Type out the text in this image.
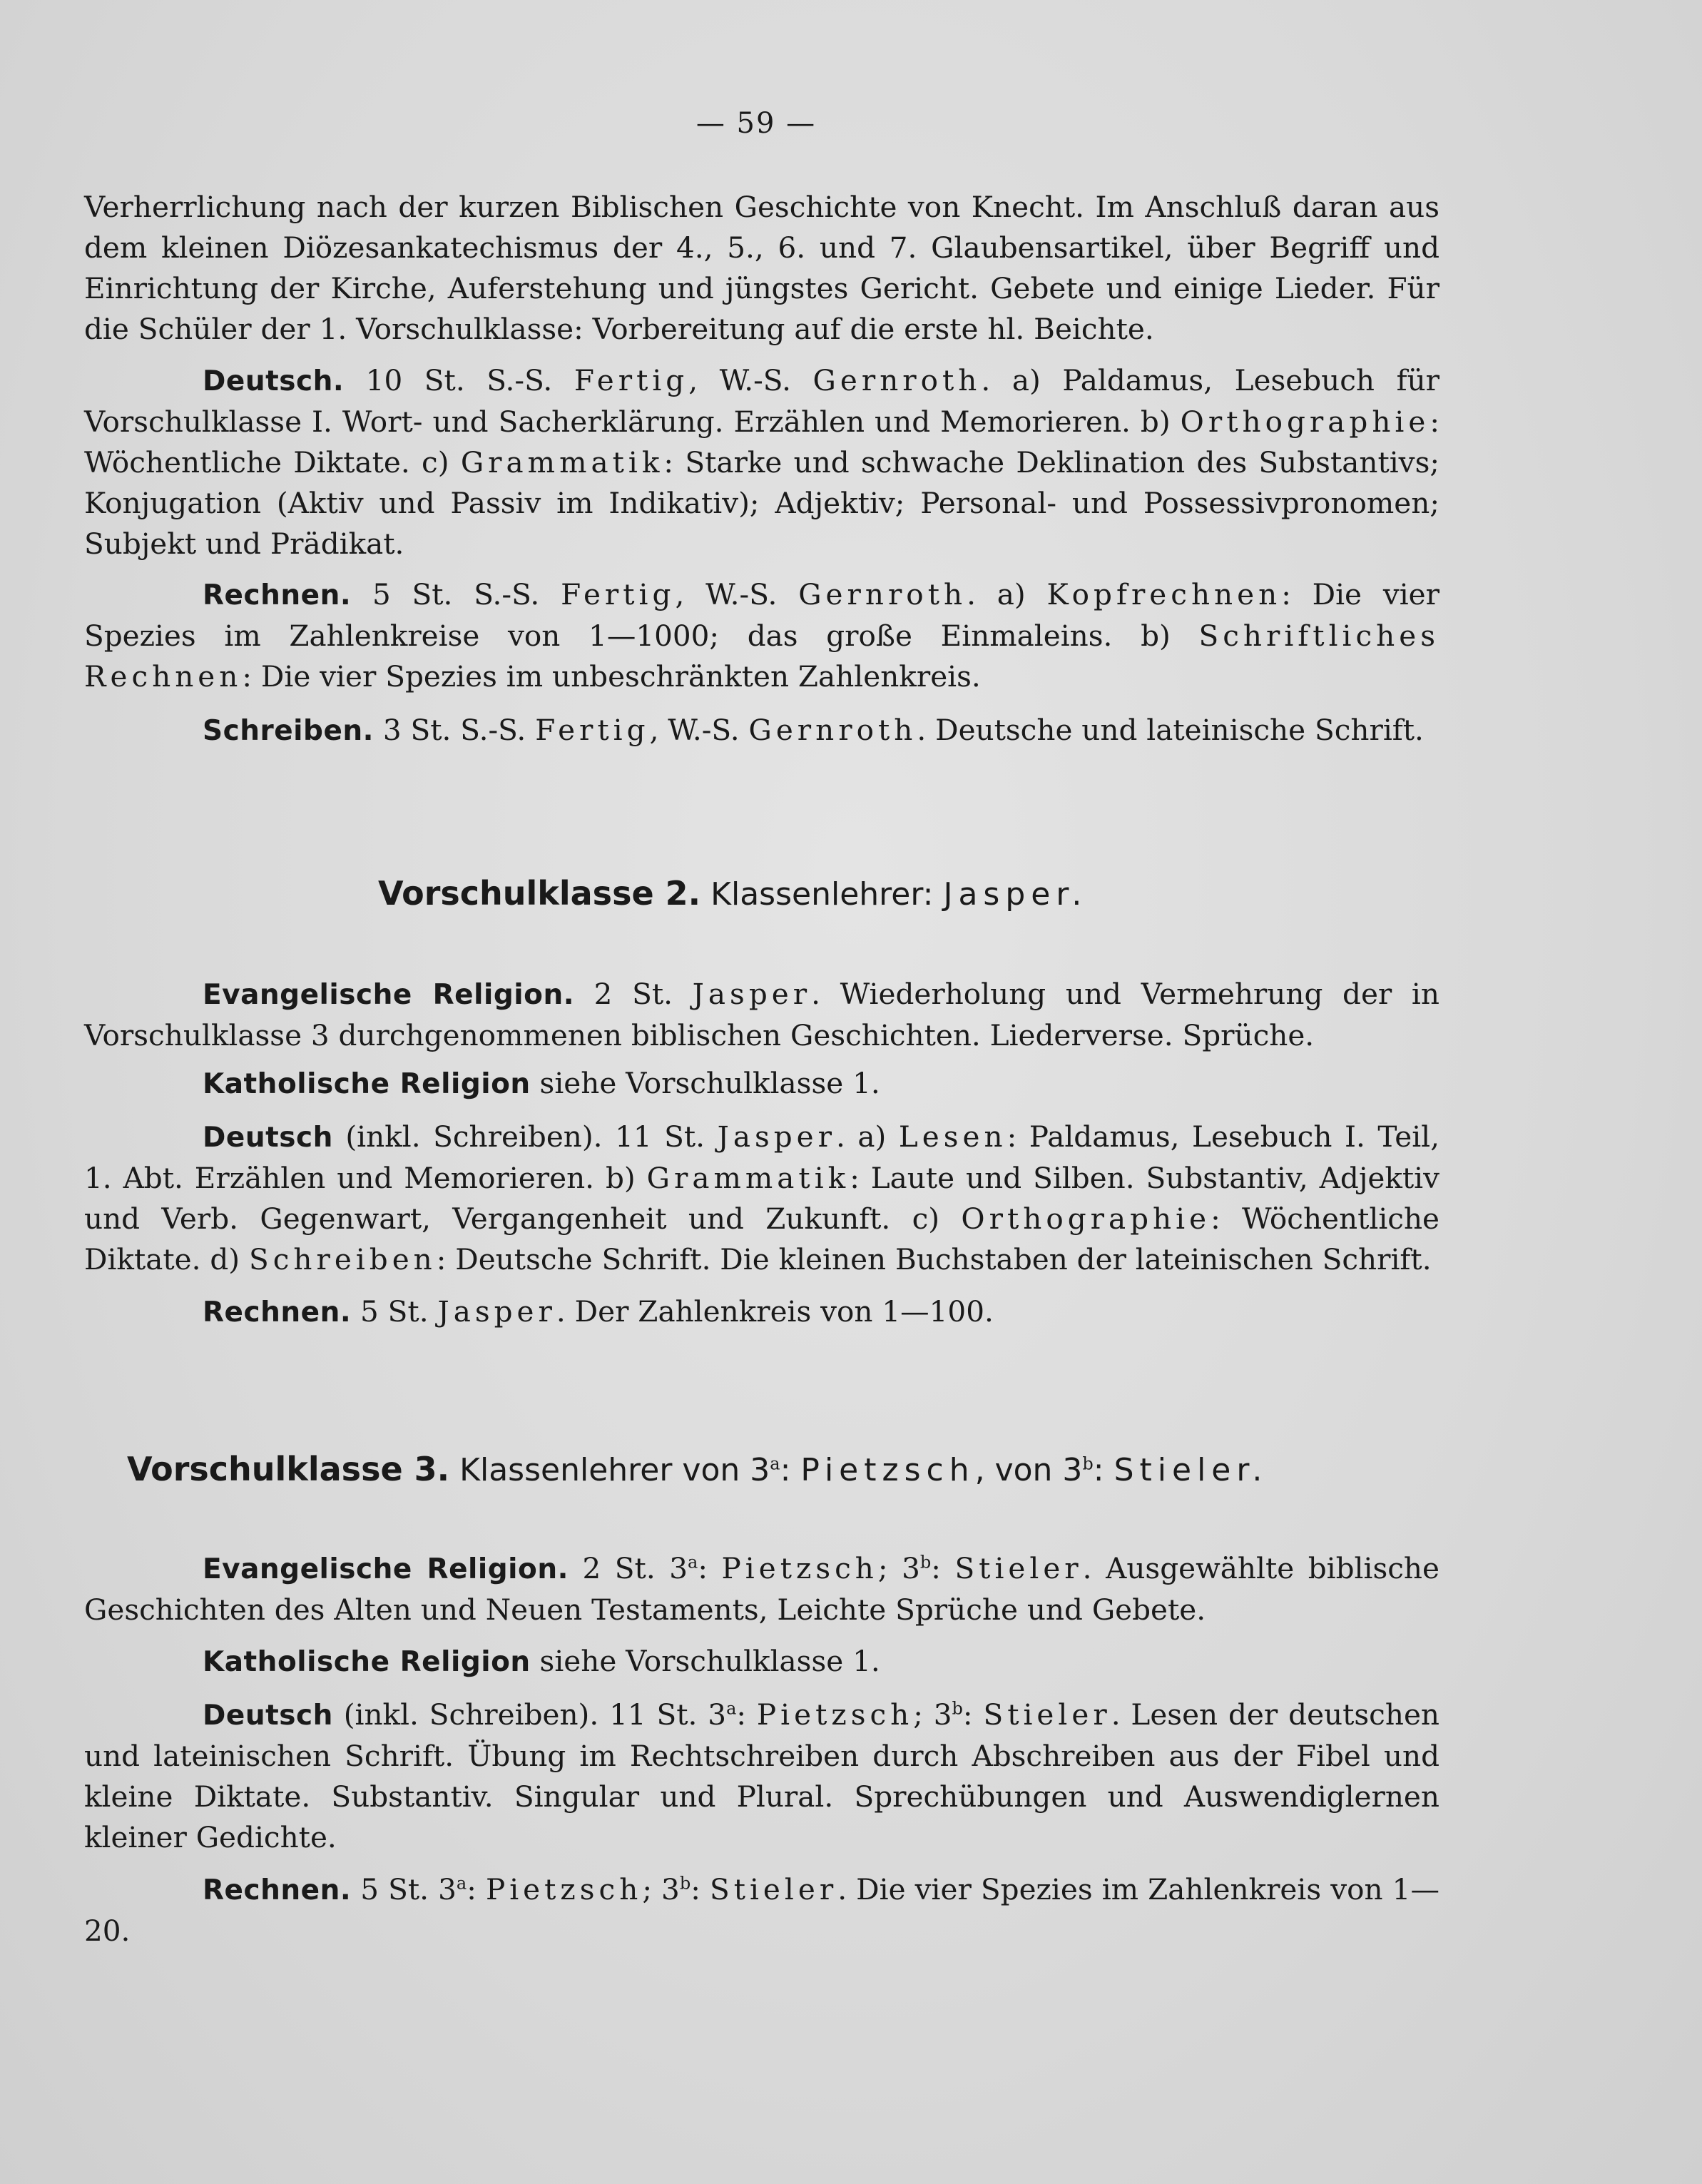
— 59 —
Verherrlichung nach der kurzen Biblischen Geschichte von Knecht. Im Anschluß daran aus dem kleinen Diözesankatechismus der 4., 5., 6. und 7. Glaubensartikel, über Begriff und Einrichtung der Kirche, Auferstehung und jüngstes Gericht. Gebete und einige Lieder. Für die Schüler der 1. Vorschulklasse: Vorbereitung auf die erste hl. Beichte.
Deutsch. 10 St. S.-S. Fertig, W.-S. Gernroth. a) Paldamus, Lesebuch für Vorschulklasse I. Wort- und Sacherklärung. Erzählen und Memorieren. b) Orthographie: Wöchentliche Diktate. c) Grammatik: Starke und schwache Deklination des Substantivs; Konjugation (Aktiv und Passiv im Indikativ); Adjektiv; Personal- und Possessivpronomen; Subjekt und Prädikat.
Rechnen. 5 St. S.-S. Fertig, W.-S. Gernroth. a) Kopfrechnen: Die vier Spezies im Zahlenkreise von 1—1000; das große Einmaleins. b) Schriftliches Rechnen: Die vier Spezies im unbeschränkten Zahlenkreis.
Schreiben. 3 St. S.-S. Fertig, W.-S. Gernroth. Deutsche und lateinische Schrift.
Vorschulklasse 2. Klassenlehrer: Jasper.
Evangelische Religion. 2 St. Jasper. Wiederholung und Vermehrung der in Vorschulklasse 3 durchgenommenen biblischen Geschichten. Liederverse. Sprüche.
Katholische Religion siehe Vorschulklasse 1.
Deutsch (inkl. Schreiben). 11 St. Jasper. a) Lesen: Paldamus, Lesebuch I. Teil, 1. Abt. Erzählen und Memorieren. b) Grammatik: Laute und Silben. Substantiv, Adjektiv und Verb. Gegenwart, Vergangenheit und Zukunft. c) Orthographie: Wöchentliche Diktate. d) Schreiben: Deutsche Schrift. Die kleinen Buchstaben der lateinischen Schrift.
Rechnen. 5 St. Jasper. Der Zahlenkreis von 1—100.
Vorschulklasse 3. Klassenlehrer von 3$^a$: Pietzsch, von 3$^b$: Stieler.
Evangelische Religion. 2 St. 3$^a$: Pietzsch; 3$^b$: Stieler. Ausgewählte biblische Geschichten des Alten und Neuen Testaments, Leichte Sprüche und Gebete.
Katholische Religion siehe Vorschulklasse 1.
Deutsch (inkl. Schreiben). 11 St. 3$^a$: Pietzsch; 3$^b$: Stieler. Lesen der deutschen und lateinischen Schrift. Übung im Rechtschreiben durch Abschreiben aus der Fibel und kleine Diktate. Substantiv. Singular und Plural. Sprechübungen und Auswendiglernen kleiner Gedichte.
Rechnen. 5 St. 3$^a$: Pietzsch; 3$^b$: Stieler. Die vier Spezies im Zahlenkreis von 1—20.
